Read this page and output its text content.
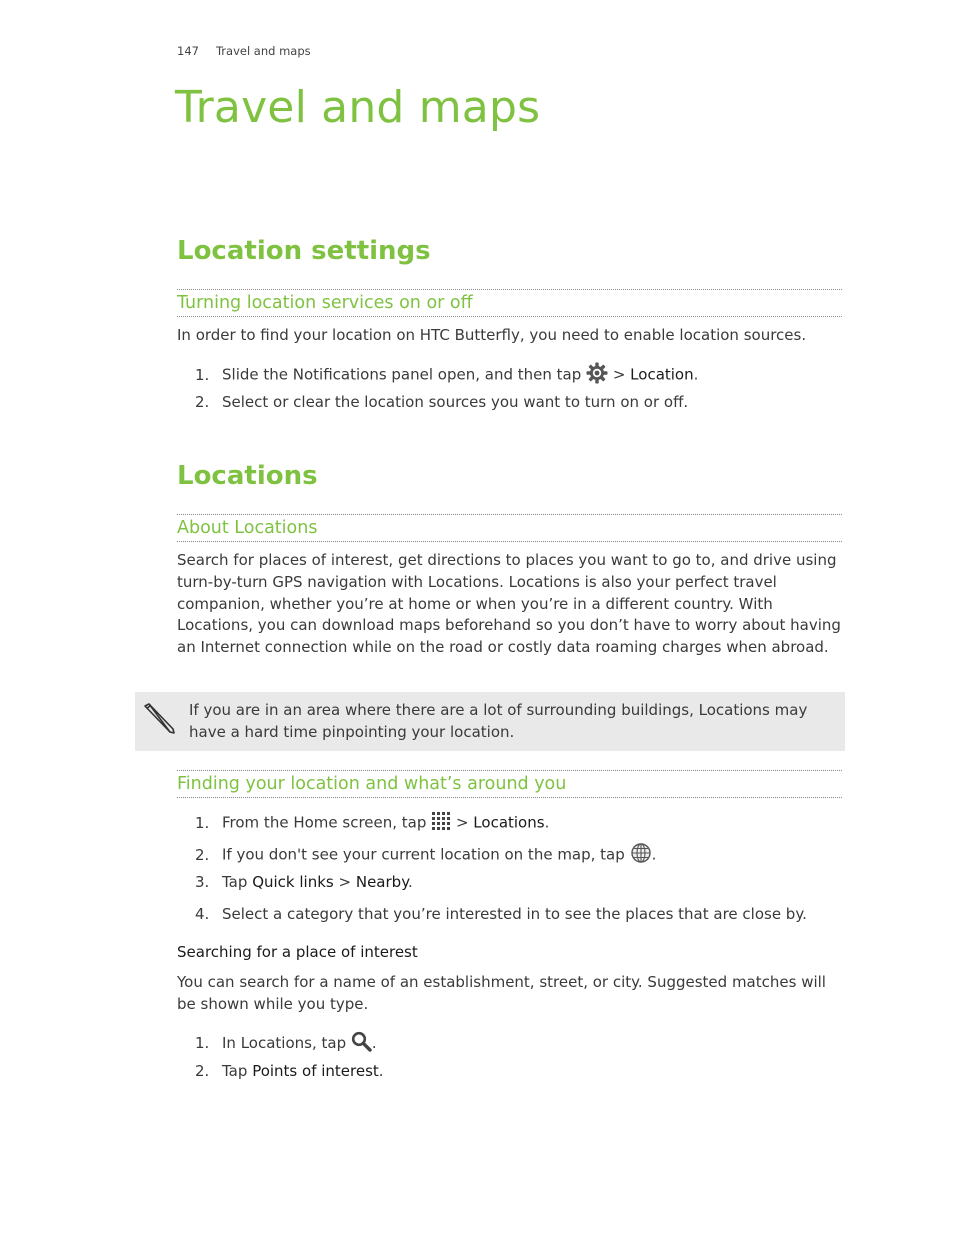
147 Travel and maps
Travel and maps
Location settings
Turning location services on or off
In order to find your location on HTC Butterfly, you need to enable location sources.
1. Slide the Notifications panel open, and then tap > Location.
2. Select or clear the location sources you want to turn on or off.
Locations
About Locations
Search for places of interest, get directions to places you want to go to, and drive using turn-by-turn GPS navigation with Locations. Locations is also your perfect travel companion, whether you’re at home or when you’re in a different country. With Locations, you can download maps beforehand so you don’t have to worry about having an Internet connection while on the road or costly data roaming charges when abroad.
If you are in an area where there are a lot of surrounding buildings, Locations may have a hard time pinpointing your location.
Finding your location and what’s around you
1. From the Home screen, tap > Locations.
2. If you don't see your current location on the map, tap .
3. Tap Quick links > Nearby.
4. Select a category that you’re interested in to see the places that are close by.
Searching for a place of interest
You can search for a name of an establishment, street, or city. Suggested matches will be shown while you type.
1. In Locations, tap .
2. Tap Points of interest.
